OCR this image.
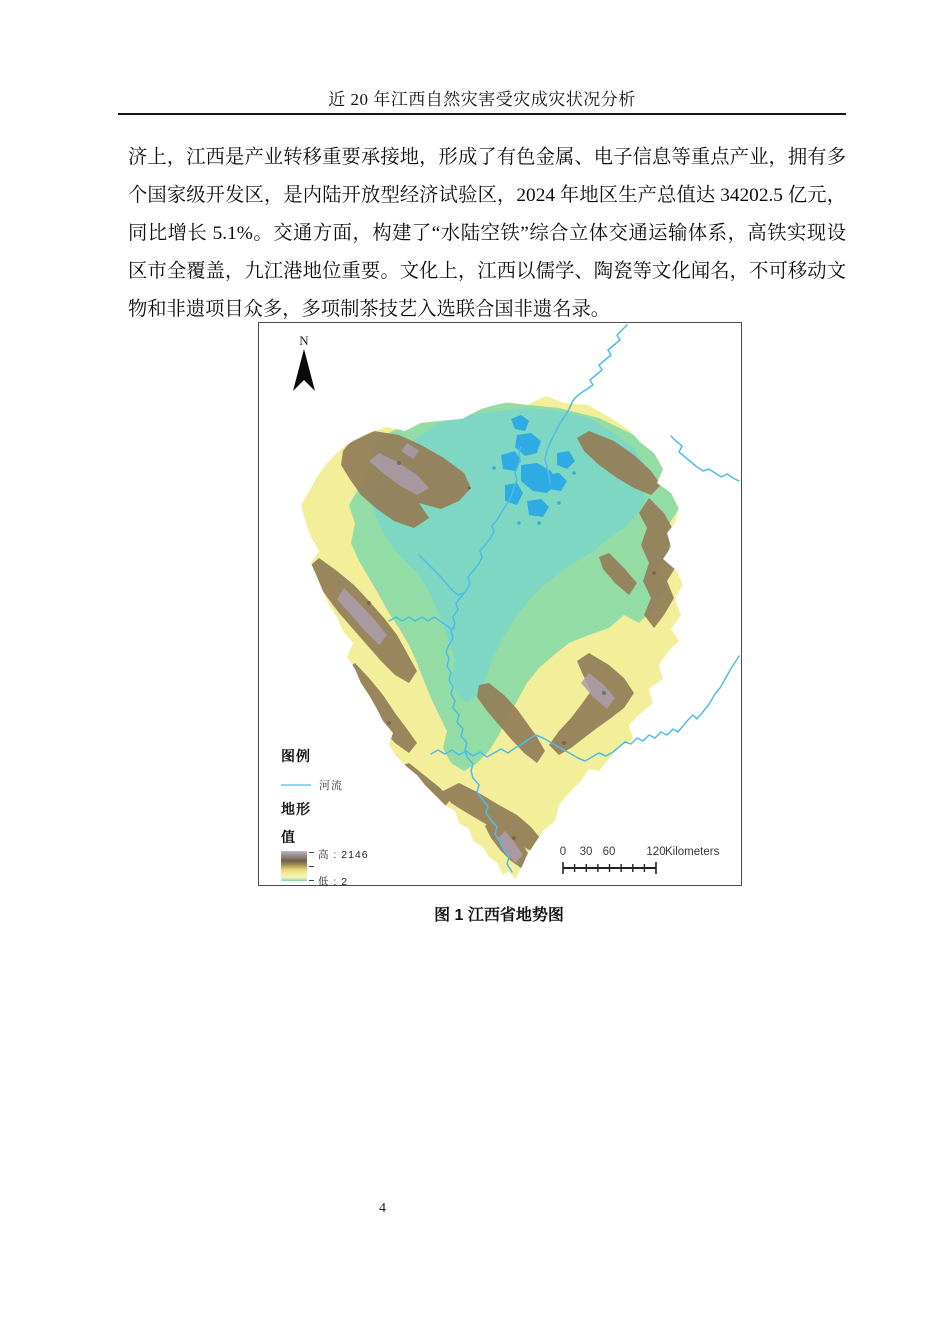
近 20 年江西自然灾害受灾成灾状况分析
济上，江西是产业转移重要承接地，形成了有色金属、电子信息等重点产业，拥有多
个国家级开发区，是内陆开放型经济试验区，2024 年地区生产总值达 34202.5 亿元，
同比增长 5.1%。交通方面，构建了“水陆空铁”综合立体交通运输体系，高铁实现设
区市全覆盖，九江港地位重要。文化上，江西以儒学、陶瓷等文化闻名，不可移动文
物和非遗项目众多，多项制茶技艺入选联合国非遗名录。
N
图例
河流
地形
值
高 : 2146
低 : 2
0 30 60	120 Kilometers
图 1 江西省地势图
4
